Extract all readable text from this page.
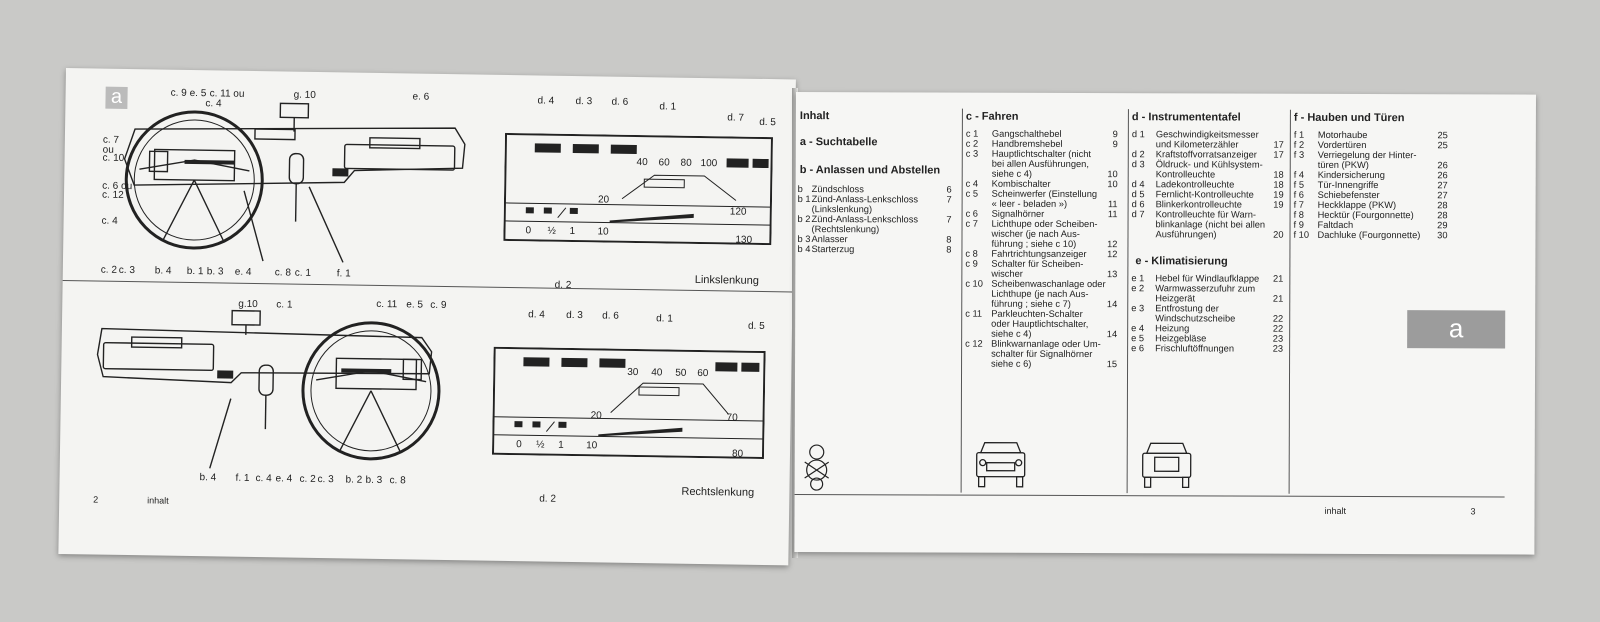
a	c. 9 e. 5 c. 11 ou
c. 4
g. 10	e. 6
c. 7
ou
c. 10
c. 6 ou
c. 12
c. 4
c. 2 c. 3 b. 4 b. 1 b. 3 e. 4 c. 8 c. 1	f. 1
d. 4 d. 3 d. 6	d. 1
d. 7 d. 5
d. 2
40 60 80 100
20
120
0 ½ 1 10
130
Linkslenkung
g.10 c. 1	c. 11 e. 5 c. 9
b. 4 f. 1 c. 4 e. 4 c. 2 c. 3 b. 2 b. 3 c. 8
d. 4 d. 3 d. 6	d. 1
d. 5
d. 2
30 40 50 60
20	70
0 ½ 1 10
80
Rechtslenkung
2	inhalt
Inhalt
a - Suchtabelle
b - Anlassen und Abstellen
b Zündschloss	6
b 1 Zünd-Anlass-Lenkschloss	7
(Linkslenkung)
b 2 Zünd-Anlass-Lenkschloss	7
(Rechtslenkung)
b 3 Anlasser	8
b 4 Starterzug	8
c - Fahren
c 1 Gangschalthebel	9
c 2 Handbremshebel	9
c 3 Hauptlichtschalter (nicht
bei allen Ausführungen,
siehe c 4)	10
c 4 Kombischalter	10
c 5 Scheinwerfer (Einstellung
« leer - beladen »)	11
c 6 Signalhörner	11
c 7 Lichthupe oder Scheiben-
wischer (je nach Aus-
führung ; siehe c 10)	12
c 8 Fahrtrichtungsanzeiger	12
c 9 Schalter für Scheiben-
wischer	13
c 10 Scheibenwaschanlage oder
Lichthupe (je nach Aus-
führung ; siehe c 7)	14
c 11 Parkleuchten-Schalter
oder Hauptlichtschalter,
siehe c 4)	14
c 12 Blinkwarnanlage oder Um-
schalter für Signalhörner
siehe c 6)	15
d - Instrumententafel
d 1 Geschwindigkeitsmesser
und Kilometerzähler	17
d 2 Kraftstoffvorratsanzeiger	17
d 3 Öldruck- und Kühlsystem-
Kontrolleuchte	18
d 4 Ladekontrolleuchte	18
d 5 Fernlicht-Kontrolleuchte	19
d 6 Blinkerkontrolleuchte	19
d 7 Kontrolleuchte für Warn-
blinkanlage (nicht bei allen
Ausführungen)	20
e - Klimatisierung
e 1 Hebel für Windlaufklappe	21
e 2 Warmwasserzufuhr zum
Heizgerät	21
e 3 Entfrostung der
Windschutzscheibe	22
e 4 Heizung	22
e 5 Heizgebläse	23
e 6 Frischluftöffnungen	23
f - Hauben und Türen
f 1 Motorhaube	25
f 2 Vordertüren	25
f 3 Verriegelung der Hinter-
türen (PKW)	26
f 4 Kindersicherung	26
f 5 Tür-Innengriffe	27
f 6 Schiebefenster	27
f 7 Heckklappe (PKW)	28
f 8 Hecktür (Fourgonnette)	28
f 9 Faltdach	29
f 10 Dachluke (Fourgonnette)	30
a
inhalt	3
